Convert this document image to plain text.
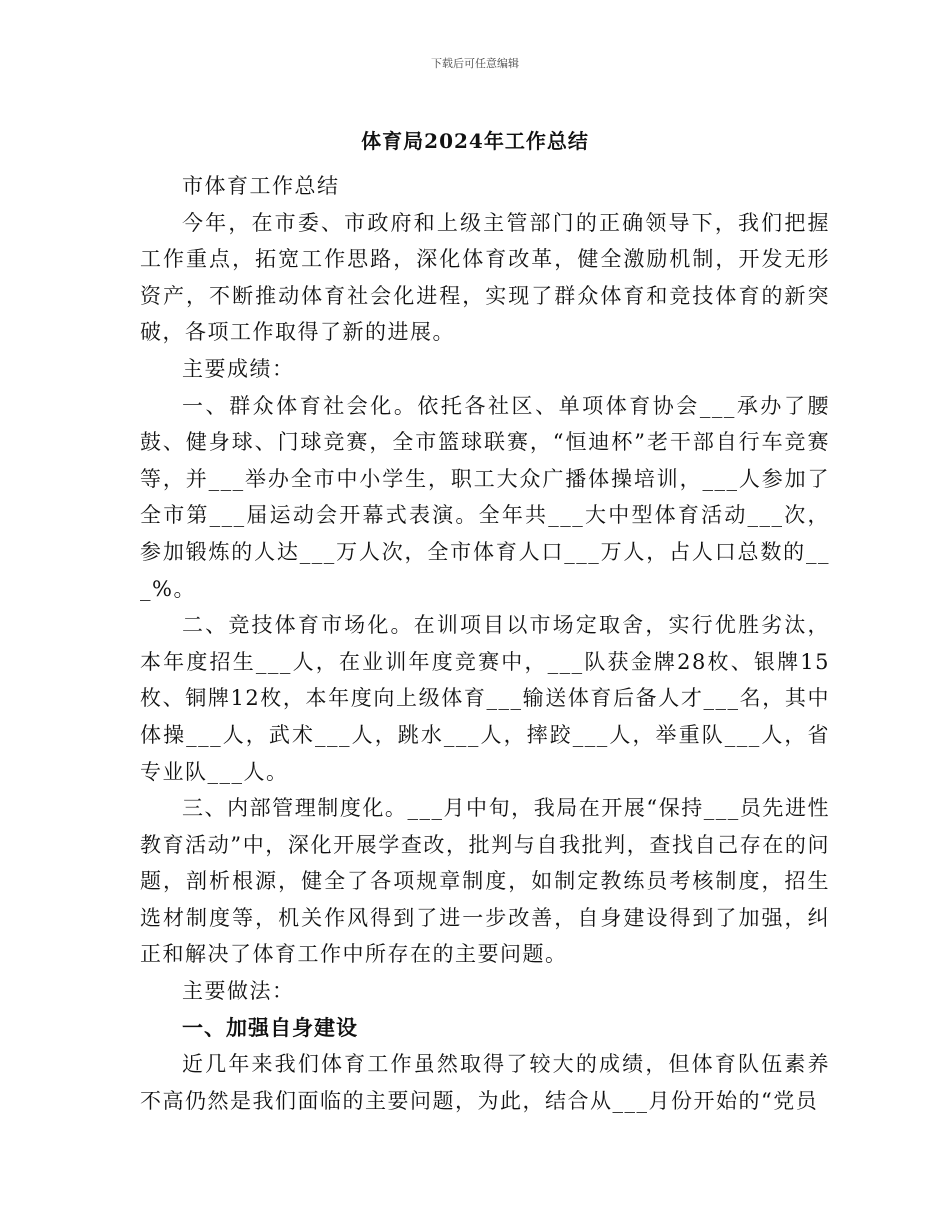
下载后可任意编辑
体育局2024年工作总结

市体育工作总结

今年，在市委、市政府和上级主管部门的正确领导下，我们把握工作重点，拓宽工作思路，深化体育改革，健全激励机制，开发无形资产，不断推动体育社会化进程，实现了群众体育和竞技体育的新突破，各项工作取得了新的进展。

主要成绩：

一、群众体育社会化。依托各社区、单项体育协会___承办了腰鼓、健身球、门球竞赛，全市篮球联赛，“恒迪杯”老干部自行车竞赛等，并___举办全市中小学生，职工大众广播体操培训，___人参加了全市第___届运动会开幕式表演。全年共___大中型体育活动___次，参加锻炼的人达___万人次，全市体育人口___万人，占人口总数的___%。

二、竞技体育市场化。在训项目以市场定取舍，实行优胜劣汰，本年度招生___人，在业训年度竞赛中，___队获金牌28枚、银牌15枚、铜牌12枚，本年度向上级体育___输送体育后备人才___名，其中体操___人，武术___人，跳水___人，摔跤___人，举重队___人，省专业队___人。

三、内部管理制度化。___月中旬，我局在开展“保持___员先进性教育活动”中，深化开展学查改，批判与自我批判，查找自己存在的问题，剖析根源，健全了各项规章制度，如制定教练员考核制度，招生选材制度等，机关作风得到了进一步改善，自身建设得到了加强，纠正和解决了体育工作中所存在的主要问题。

主要做法：

一、加强自身建设

近几年来我们体育工作虽然取得了较大的成绩，但体育队伍素养不高仍然是我们面临的主要问题，为此，结合从___月份开始的“党员
